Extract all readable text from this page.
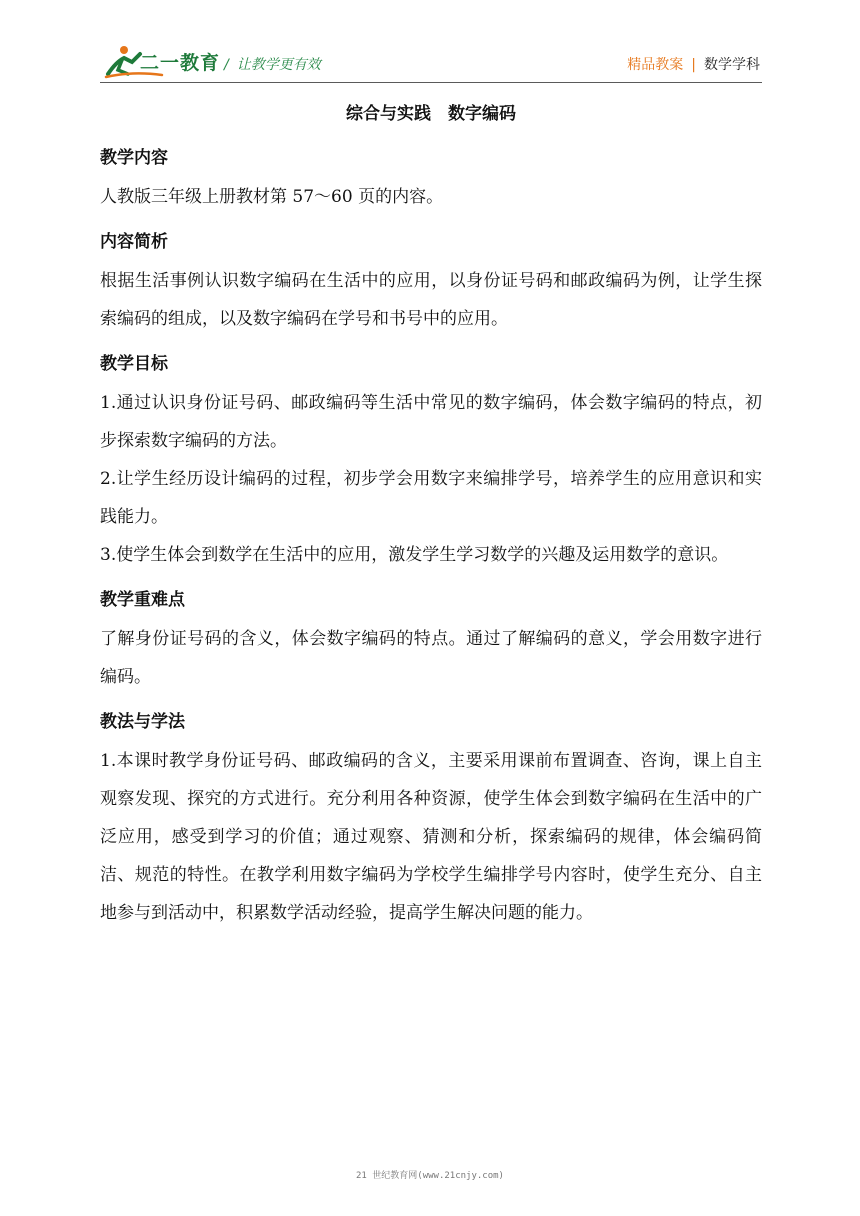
二一教育 / 让教学更有效	精品教案 | 数学学科
综合与实践　数字编码
教学内容

人教版三年级上册教材第 57～60 页的内容。

内容简析

根据生活事例认识数字编码在生活中的应用，以身份证号码和邮政编码为例，让学生探索编码的组成，以及数字编码在学号和书号中的应用。

教学目标

1.通过认识身份证号码、邮政编码等生活中常见的数字编码，体会数字编码的特点，初步探索数字编码的方法。

2.让学生经历设计编码的过程，初步学会用数字来编排学号，培养学生的应用意识和实践能力。

3.使学生体会到数学在生活中的应用，激发学生学习数学的兴趣及运用数学的意识。

教学重难点

了解身份证号码的含义，体会数字编码的特点。通过了解编码的意义，学会用数字进行编码。

教法与学法

1.本课时教学身份证号码、邮政编码的含义，主要采用课前布置调查、咨询，课上自主观察发现、探究的方式进行。充分利用各种资源，使学生体会到数字编码在生活中的广泛应用，感受到学习的价值；通过观察、猜测和分析，探索编码的规律，体会编码简洁、规范的特性。在教学利用数字编码为学校学生编排学号内容时，使学生充分、自主地参与到活动中，积累数学活动经验，提高学生解决问题的能力。

21 世纪教育网(www.21cnjy.com)
